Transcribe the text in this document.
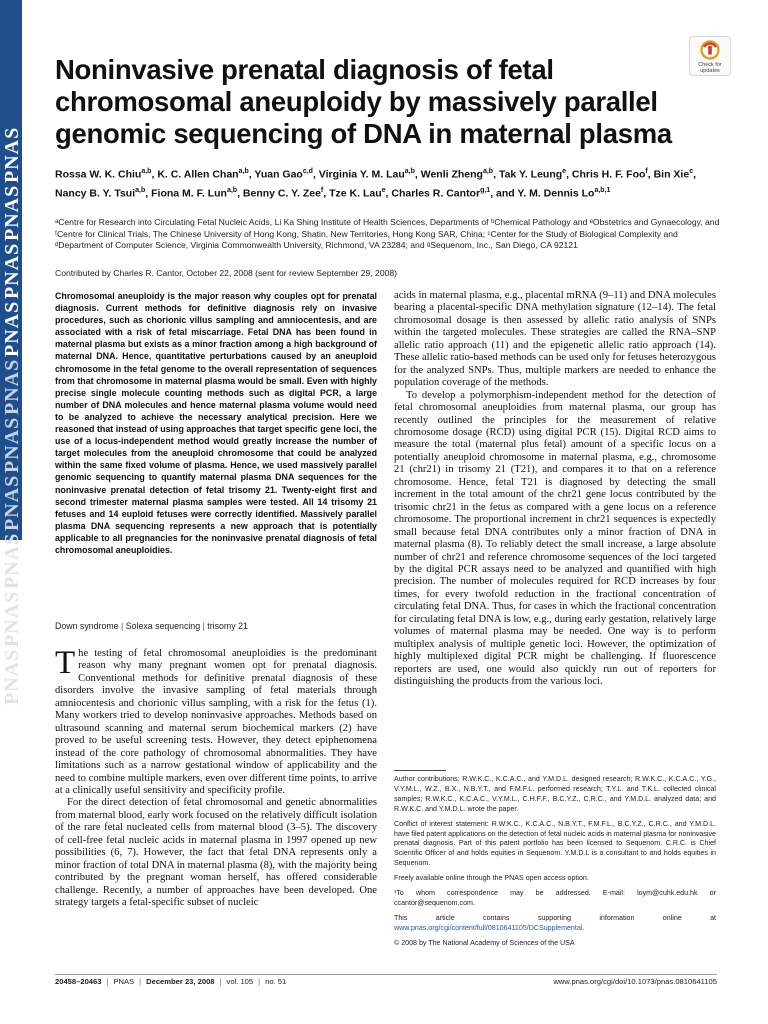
PNAS
PNAS
PNAS
PNAS
PNAS
PNAS
PNAS
PNAS
PNAS
PNAS
Check for
updates
Noninvasive prenatal diagnosis of fetal chromosomal aneuploidy by massively parallel genomic sequencing of DNA in maternal plasma
Rossa W. K. Chiu$^{a,b}$, K. C. Allen Chan$^{a,b}$, Yuan Gao$^{c,d}$, Virginia Y. M. Lau$^{a,b}$, Wenli Zheng$^{a,b}$, Tak Y. Leung$^e$, Chris H. F. Foo$^f$, Bin Xie$^c$, Nancy B. Y. Tsui$^{a,b}$, Fiona M. F. Lun$^{a,b}$, Benny C. Y. Zee$^f$, Tze K. Lau$^e$, Charles R. Cantor$^{g,1}$, and Y. M. Dennis Lo$^{a,b,1}$
ᵃCentre for Research into Circulating Fetal Nucleic Acids, Li Ka Shing Institute of Health Sciences, Departments of ᵇChemical Pathology and ᵉObstetrics and Gynaecology, and ᶠCentre for Clinical Trials, The Chinese University of Hong Kong, Shatin, New Territories, Hong Kong SAR, China; ᶜCenter for the Study of Biological Complexity and ᵈDepartment of Computer Science, Virginia Commonwealth University, Richmond, VA 23284; and ᵍSequenom, Inc., San Diego, CA 92121
Contributed by Charles R. Cantor, October 22, 2008 (sent for review September 29, 2008)

Chromosomal aneuploidy is the major reason why couples opt for prenatal diagnosis. Current methods for definitive diagnosis rely on invasive procedures, such as chorionic villus sampling and amniocentesis, and are associated with a risk of fetal miscarriage. Fetal DNA has been found in maternal plasma but exists as a minor fraction among a high background of maternal DNA. Hence, quantitative perturbations caused by an aneuploid chromosome in the fetal genome to the overall representation of sequences from that chromosome in maternal plasma would be small. Even with highly precise single molecule counting methods such as digital PCR, a large number of DNA molecules and hence maternal plasma volume would need to be analyzed to achieve the necessary analytical precision. Here we reasoned that instead of using approaches that target specific gene loci, the use of a locus-independent method would greatly increase the number of target molecules from the aneuploid chromosome that could be analyzed within the same fixed volume of plasma. Hence, we used massively parallel genomic sequencing to quantify maternal plasma DNA sequences for the noninvasive prenatal detection of fetal trisomy 21. Twenty-eight first and second trimester maternal plasma samples were tested. All 14 trisomy 21 fetuses and 14 euploid fetuses were correctly identified. Massively parallel plasma DNA sequencing represents a new approach that is potentially applicable to all pregnancies for the noninvasive prenatal diagnosis of fetal chromosomal aneuploidies.

Down syndrome | Solexa sequencing | trisomy 21

The testing of fetal chromosomal aneuploidies is the predominant reason why many pregnant women opt for prenatal diagnosis. Conventional methods for definitive prenatal diagnosis of these disorders involve the invasive sampling of fetal materials through amniocentesis and chorionic villus sampling, with a risk for the fetus (1). Many workers tried to develop noninvasive approaches. Methods based on ultrasound scanning and maternal serum biochemical markers (2) have proved to be useful screening tests. However, they detect epiphenomena instead of the core pathology of chromosomal abnormalities. They have limitations such as a narrow gestational window of applicability and the need to combine multiple markers, even over different time points, to arrive at a clinically useful sensitivity and specificity profile.

For the direct detection of fetal chromosomal and genetic abnormalities from maternal blood, early work focused on the relatively difficult isolation of the rare fetal nucleated cells from maternal blood (3–5). The discovery of cell-free fetal nucleic acids in maternal plasma in 1997 opened up new possibilities (6, 7). However, the fact that fetal DNA represents only a minor fraction of total DNA in maternal plasma (8), with the majority being contributed by the pregnant woman herself, has offered considerable challenge. Recently, a number of approaches have been developed. One strategy targets a fetal-specific subset of nucleic

acids in maternal plasma, e.g., placental mRNA (9–11) and DNA molecules bearing a placental-specific DNA methylation signature (12–14). The fetal chromosomal dosage is then assessed by allelic ratio analysis of SNPs within the targeted molecules. These strategies are called the RNA–SNP allelic ratio approach (11) and the epigenetic allelic ratio approach (14). These allelic ratio-based methods can be used only for fetuses heterozygous for the analyzed SNPs. Thus, multiple markers are needed to enhance the population coverage of the methods.

To develop a polymorphism-independent method for the detection of fetal chromosomal aneuploidies from maternal plasma, our group has recently outlined the principles for the measurement of relative chromosome dosage (RCD) using digital PCR (15). Digital RCD aims to measure the total (maternal plus fetal) amount of a specific locus on a potentially aneuploid chromosome in maternal plasma, e.g., chromosome 21 (chr21) in trisomy 21 (T21), and compares it to that on a reference chromosome. Hence, fetal T21 is diagnosed by detecting the small increment in the total amount of the chr21 gene locus contributed by the trisomic chr21 in the fetus as compared with a gene locus on a reference chromosome. The proportional increment in chr21 sequences is expectedly small because fetal DNA contributes only a minor fraction of DNA in maternal plasma (8). To reliably detect the small increase, a large absolute number of chr21 and reference chromosome sequences of the loci targeted by the digital PCR assays need to be analyzed and quantified with high precision. The number of molecules required for RCD increases by four times, for every twofold reduction in the fractional concentration of circulating fetal DNA. Thus, for cases in which the fractional concentration for circulating fetal DNA is low, e.g., during early gestation, relatively large volumes of maternal plasma may be needed. One way is to perform multiplex analysis of multiple genetic loci. However, the optimization of highly multiplexed digital PCR might be challenging. If fluorescence reporters are used, one would also quickly run out of reporters for distinguishing the products from the various loci.

Author contributions: R.W.K.C., K.C.A.C., and Y.M.D.L. designed research; R.W.K.C., K.C.A.C., Y.G., V.Y.M.L., W.Z., B.X., N.B.Y.T., and F.M.F.L. performed research; T.Y.L. and T.K.L. collected clinical samples; R.W.K.C., K.C.A.C., V.Y.M.L., C.H.F.F., B.C.Y.Z., C.R.C., and Y.M.D.L. analyzed data; and R.W.K.C. and Y.M.D.L. wrote the paper.

Conflict of interest statement: R.W.K.C., K.C.A.C., N.B.Y.T., F.M.F.L., B.C.Y.Z., C.R.C., and Y.M.D.L. have filed patent applications on the detection of fetal nucleic acids in maternal plasma for noninvasive prenatal diagnosis. Part of this patent portfolio has been licensed to Sequenom. C.R.C. is Chief Scientific Officer of and holds equities in Sequenom. Y.M.D.L is a consultant to and holds equities in Sequenom.

Freely available online through the PNAS open access option.

¹To whom correspondence may be addressed. E-mail: loym@cuhk.edu.hk or ccantor@sequenom.com.

This article contains supporting information online at www.pnas.org/cgi/content/full/0810641105/DCSupplemental.

© 2008 by The National Academy of Sciences of the USA

20458–20463 | PNAS | December 23, 2008 | vol. 105 | no. 51	www.pnas.org/cgi/doi/10.1073/pnas.0810641105
